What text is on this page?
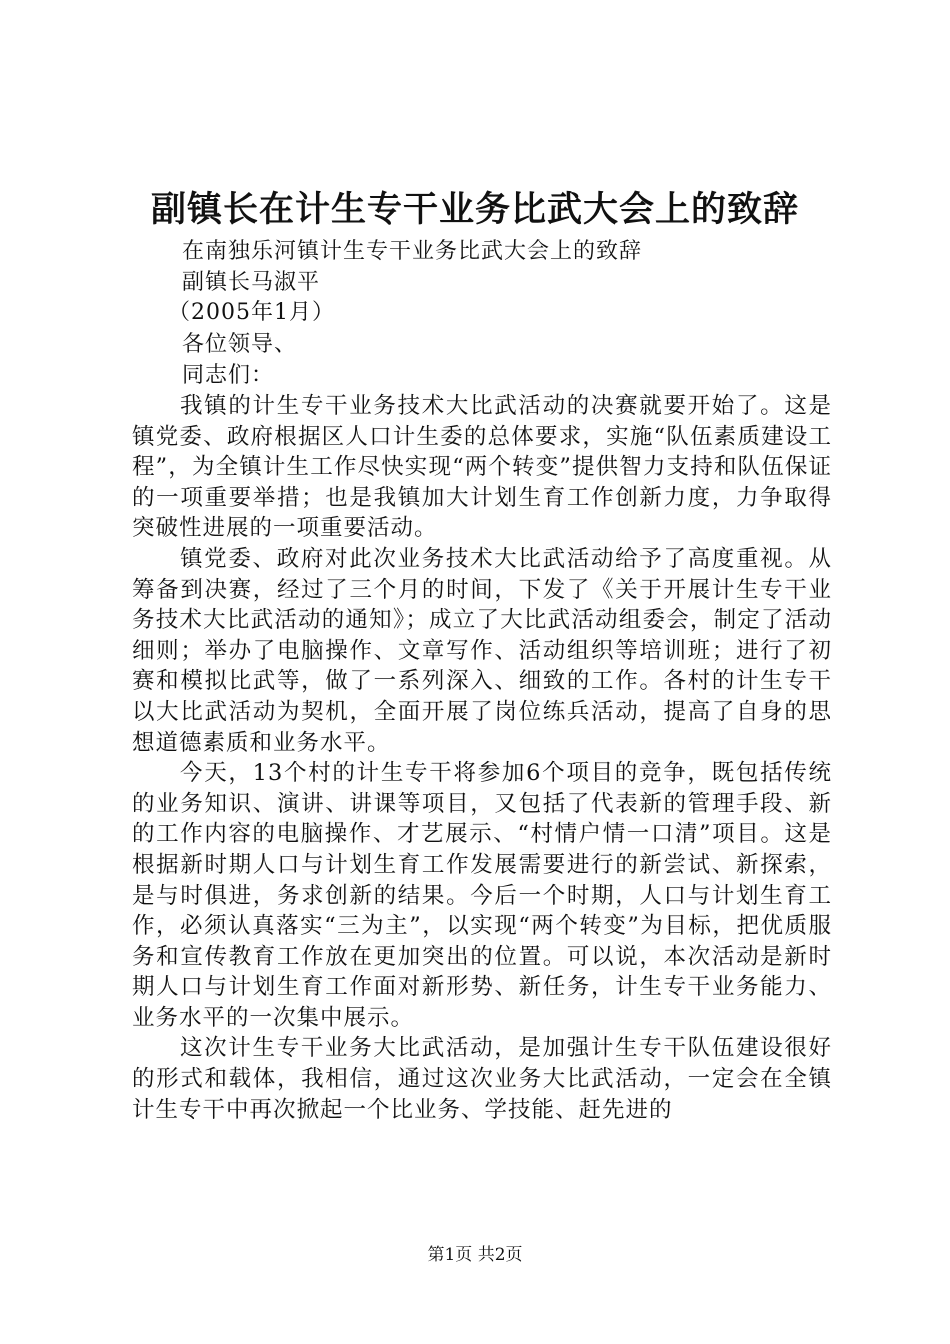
副镇长在计生专干业务比武大会上的致辞
在南独乐河镇计生专干业务比武大会上的致辞
副镇长马淑平
（2005年1月）
各位领导、
同志们：

我镇的计生专干业务技术大比武活动的决赛就要开始了。这是镇党委、政府根据区人口计生委的总体要求，实施“队伍素质建设工程”，为全镇计生工作尽快实现“两个转变”提供智力支持和队伍保证的一项重要举措；也是我镇加大计划生育工作创新力度，力争取得突破性进展的一项重要活动。

镇党委、政府对此次业务技术大比武活动给予了高度重视。从筹备到决赛，经过了三个月的时间，下发了《关于开展计生专干业务技术大比武活动的通知》；成立了大比武活动组委会，制定了活动细则；举办了电脑操作、文章写作、活动组织等培训班；进行了初赛和模拟比武等，做了一系列深入、细致的工作。各村的计生专干以大比武活动为契机，全面开展了岗位练兵活动，提高了自身的思想道德素质和业务水平。

今天，13个村的计生专干将参加6个项目的竞争，既包括传统的业务知识、演讲、讲课等项目，又包括了代表新的管理手段、新的工作内容的电脑操作、才艺展示、“村情户情一口清”项目。这是根据新时期人口与计划生育工作发展需要进行的新尝试、新探索，是与时俱进，务求创新的结果。今后一个时期，人口与计划生育工作，必须认真落实“三为主”，以实现“两个转变”为目标，把优质服务和宣传教育工作放在更加突出的位置。可以说，本次活动是新时期人口与计划生育工作面对新形势、新任务，计生专干业务能力、业务水平的一次集中展示。

这次计生专干业务大比武活动，是加强计生专干队伍建设很好的形式和载体，我相信，通过这次业务大比武活动，一定会在全镇计生专干中再次掀起一个比业务、学技能、赶先进的

第1页 共2页
